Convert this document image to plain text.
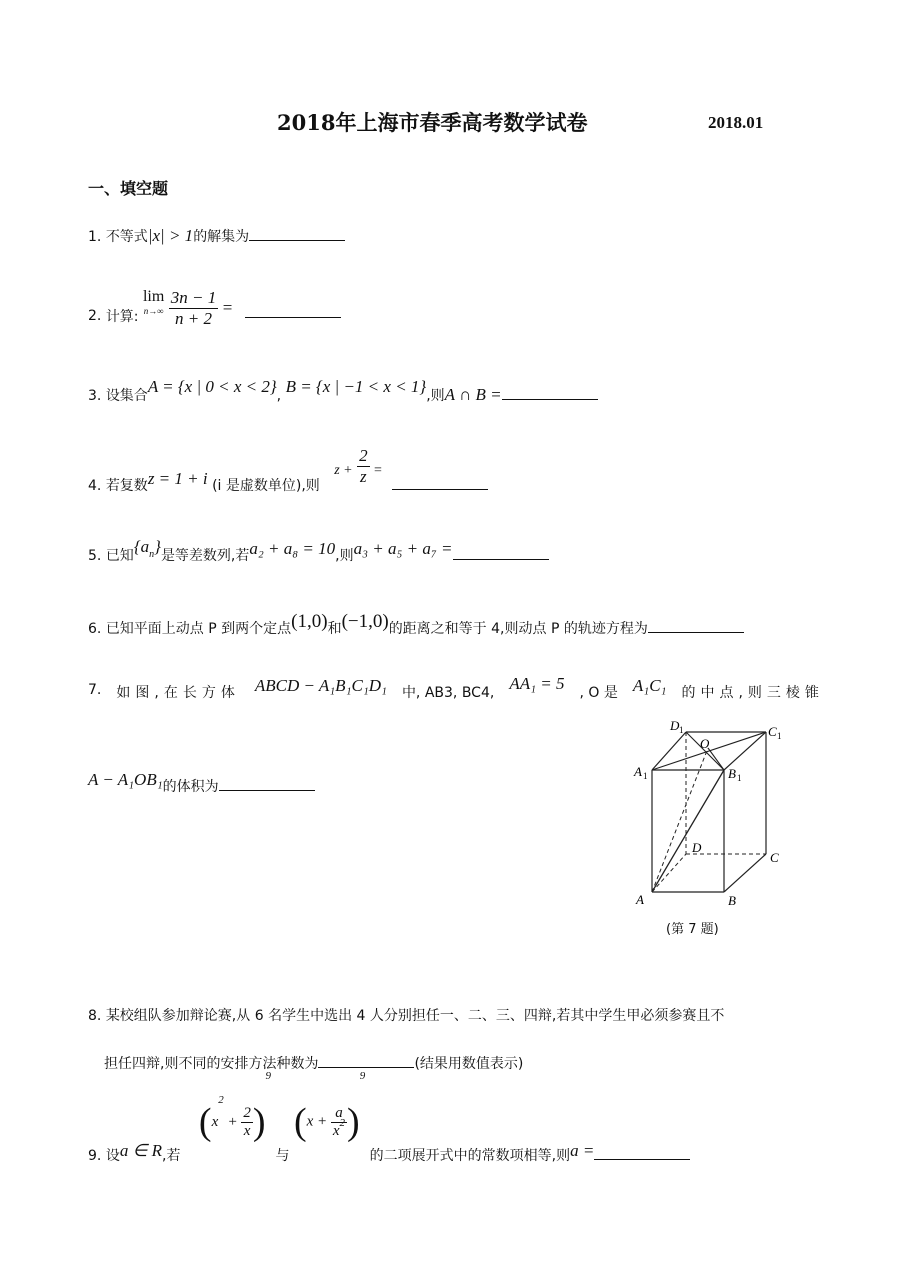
2018年上海市春季高考数学试卷	2018.01
一、填空题
1. 不等式|x| > 1的解集为
2. 计算:
lim
n→∞
$\frac{3n - 1}{n + 2}$ =
3. 设集合A = {x | 0 < x < 2}, B = {x | −1 < x < 1},则A ∩ B =
4. 若复数z = 1 + i (i 是虚数单位),则 $z + \frac{2}{z}$ =
5. 已知{an}是等差数列,若a₂ + a₈ = 10,则a₃ + a₅ + a₇ =
6. 已知平面上动点 P 到两个定点(1,0)和(−1,0)的距离之和等于 4,则动点 P 的轨迹方程为
7. 如图,在长方体 ABCD − A₁B₁C₁D₁ 中, AB3, BC4, AA₁ = 5 , O 是 A₁C₁ 的中点,则三棱锥
A − A₁OB₁的体积为
A	B
C
D
A 1	B 1
C 1
D 1
O
(第 7 题)
8. 某校组队参加辩论赛,从 6 名学生中选出 4 人分别担任一、二、三、四辩,若其中学生甲必须参赛且不
担任四辩,则不同的安排方法种数为	(结果用数值表示)
9. 设a ∈ R,若 $(x^2 + \frac{2}{x} )^9$ 与 $(x + \frac{a}{x^2} )^9$ 的二项展开式中的常数项相等,则a =
